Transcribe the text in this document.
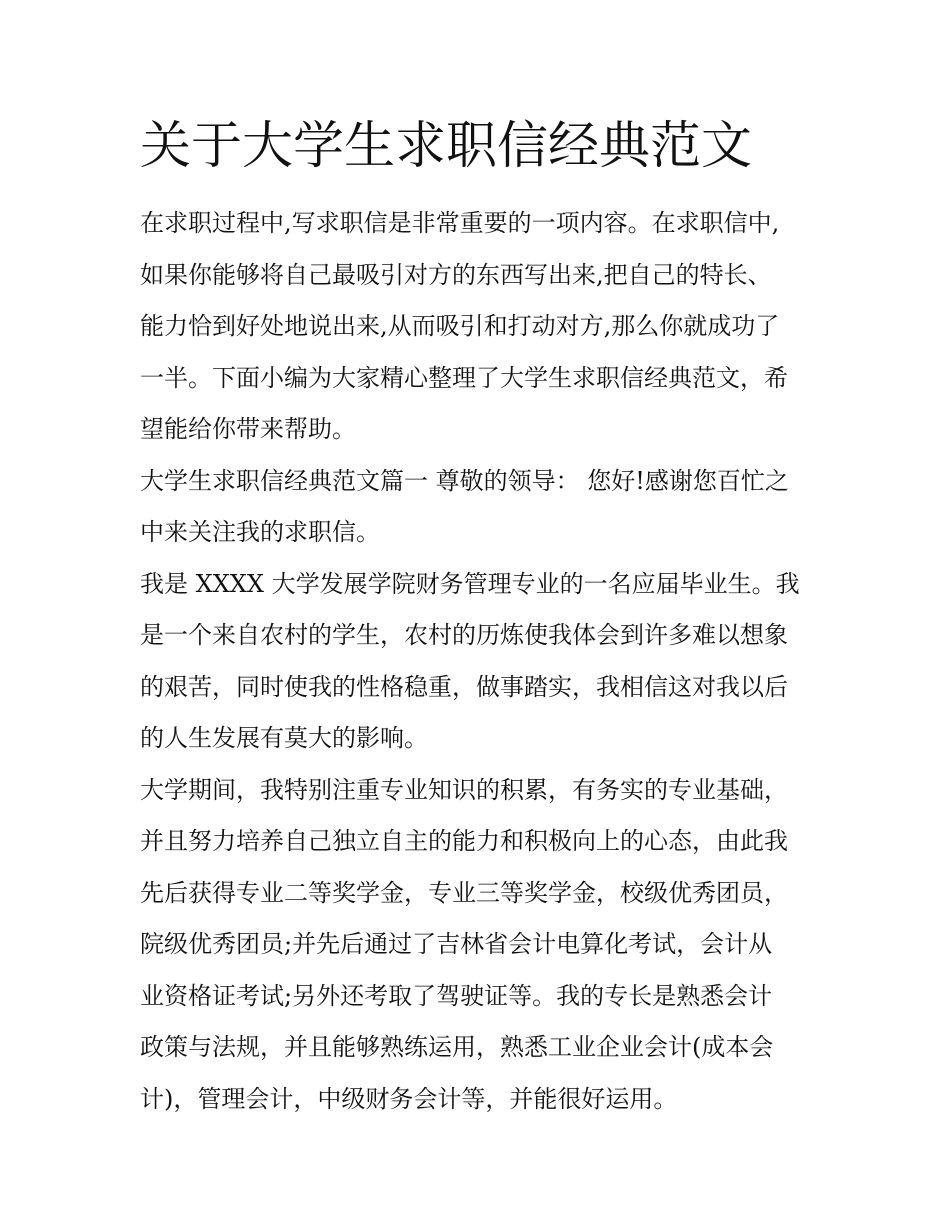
关于大学生求职信经典范文
在求职过程中,写求职信是非常重要的一项内容。在求职信中,
如果你能够将自己最吸引对方的东西写出来,把自己的特长、
能力恰到好处地说出来,从而吸引和打动对方,那么你就成功了
一半。下面小编为大家精心整理了大学生求职信经典范文，希
望能给你带来帮助。
大学生求职信经典范文篇一 尊敬的领导： 您好!感谢您百忙之
中来关注我的求职信。
我是 XXXX 大学发展学院财务管理专业的一名应届毕业生。我
是一个来自农村的学生，农村的历炼使我体会到许多难以想象
的艰苦，同时使我的性格稳重，做事踏实，我相信这对我以后
的人生发展有莫大的影响。
大学期间，我特别注重专业知识的积累，有务实的专业基础，
并且努力培养自己独立自主的能力和积极向上的心态，由此我
先后获得专业二等奖学金，专业三等奖学金，校级优秀团员，
院级优秀团员;并先后通过了吉林省会计电算化考试，会计从
业资格证考试;另外还考取了驾驶证等。我的专长是熟悉会计
政策与法规，并且能够熟练运用，熟悉工业企业会计(成本会
计)，管理会计，中级财务会计等，并能很好运用。
